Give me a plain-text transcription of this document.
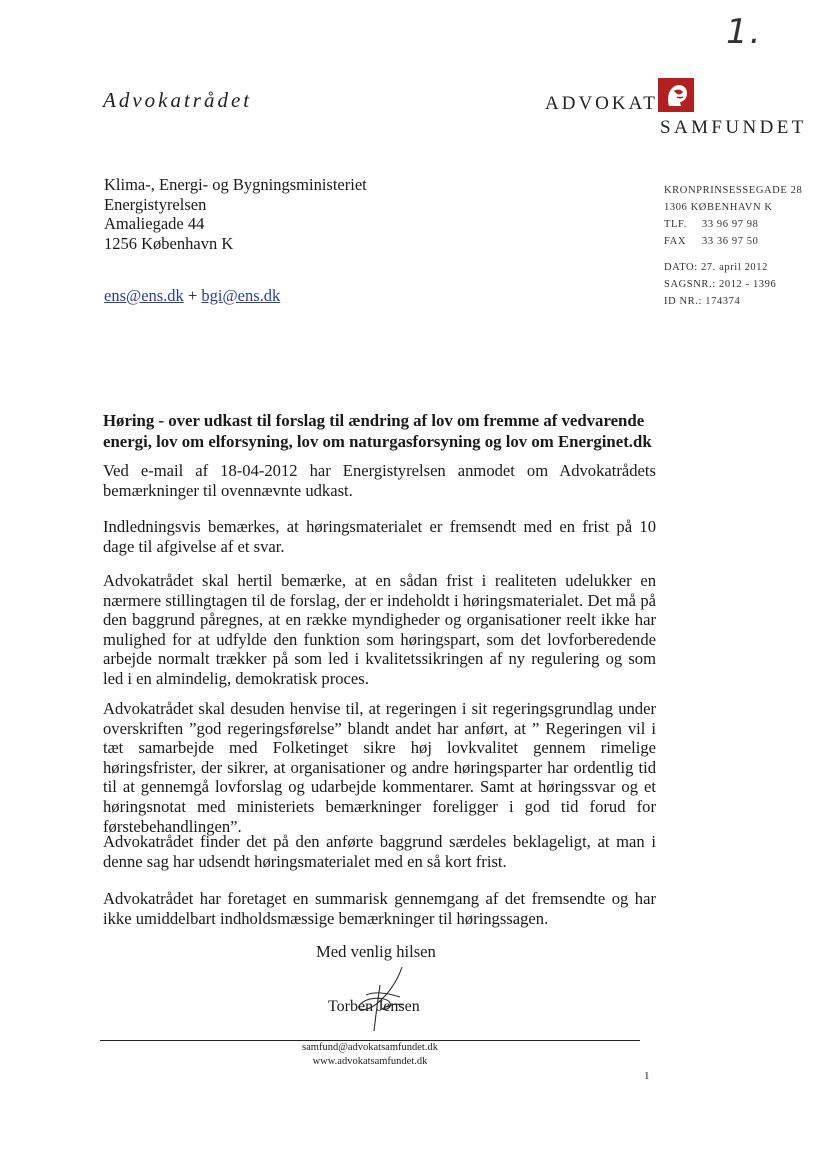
1.
Advokatrådet	ADVOKAT
SAMFUNDET
Klima-, Energi- og Bygningsministeriet
Energistyrelsen
Amaliegade 44
1256 København K
ens@ens.dk + bgi@ens.dk
KRONPRINSESSEGADE 28
1306 KØBENHAVN K
TLF. 33 96 97 98
FAX 33 36 97 50
DATO: 27. april 2012
SAGSNR.: 2012 - 1396
ID NR.: 174374
Høring - over udkast til forslag til ændring af lov om fremme af vedvarende energi, lov om elforsyning, lov om naturgasforsyning og lov om Energinet.dk
Ved e-mail af 18-04-2012 har Energistyrelsen anmodet om Advokatrådets bemærkninger til ovennævnte udkast.
Indledningsvis bemærkes, at høringsmaterialet er fremsendt med en frist på 10 dage til afgivelse af et svar.
Advokatrådet skal hertil bemærke, at en sådan frist i realiteten udelukker en nærmere stillingtagen til de forslag, der er indeholdt i høringsmaterialet. Det må på den baggrund påregnes, at en række myndigheder og organisationer reelt ikke har mulighed for at udfylde den funktion som høringspart, som det lovforberedende arbejde normalt trækker på som led i kvalitetssikringen af ny regulering og som led i en almindelig, demokratisk proces.
Advokatrådet skal desuden henvise til, at regeringen i sit regeringsgrundlag under overskriften ”god regeringsførelse” blandt andet har anført, at ” Regeringen vil i tæt samarbejde med Folketinget sikre høj lovkvalitet gennem rimelige høringsfrister, der sikrer, at organisationer og andre høringsparter har ordentlig tid til at gennemgå lovforslag og udarbejde kommentarer. Samt at høringssvar og et høringsnotat med ministeriets bemærkninger foreligger i god tid forud for førstebehandlingen”.
Advokatrådet finder det på den anførte baggrund særdeles beklageligt, at man i denne sag har udsendt høringsmaterialet med en så kort frist.
Advokatrådet har foretaget en summarisk gennemgang af det fremsendte og har ikke umiddelbart indholdsmæssige bemærkninger til høringssagen.
Med venlig hilsen
Torben Jensen
samfund@advokatsamfundet.dk
www.advokatsamfundet.dk
1
